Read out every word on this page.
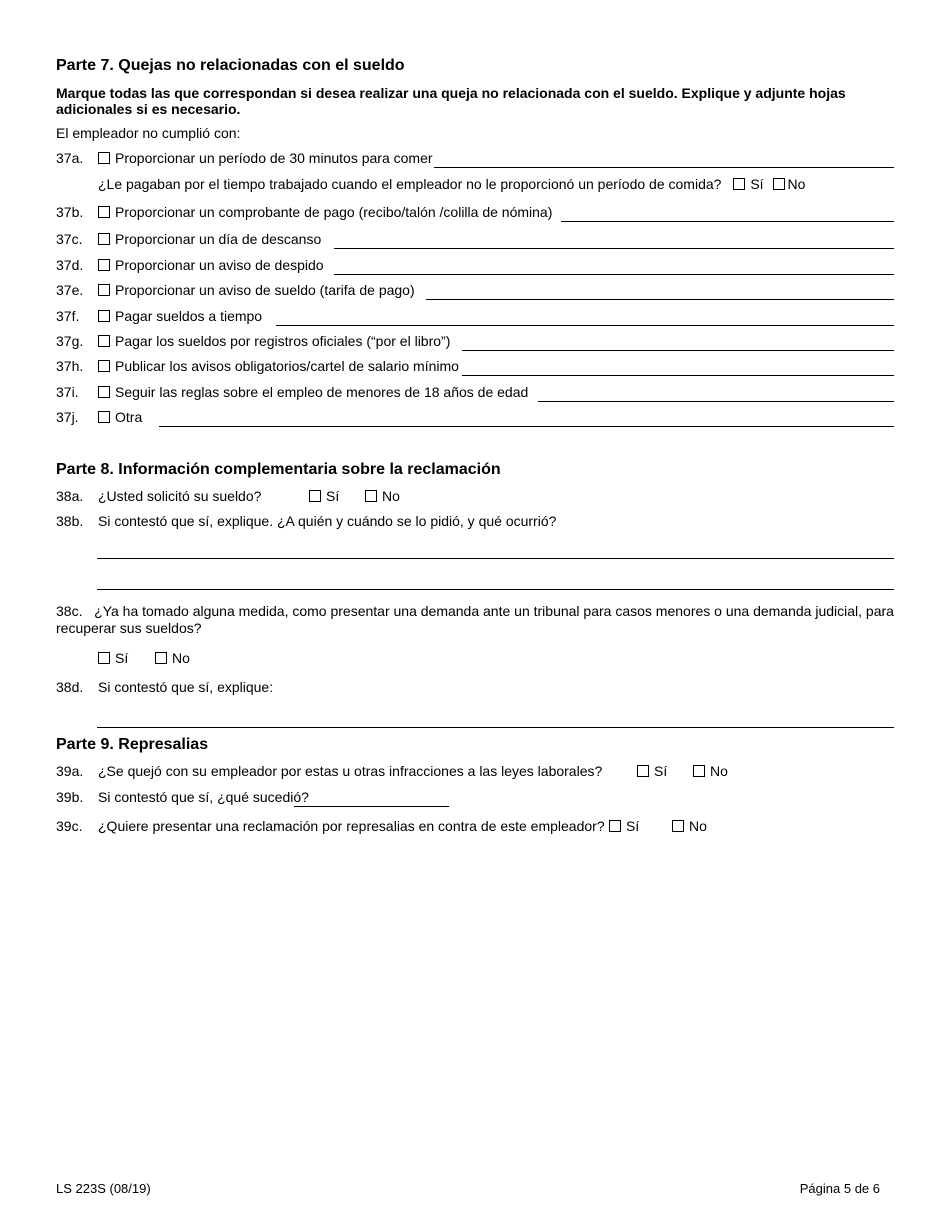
Parte 7. Quejas no relacionadas con el sueldo
Marque todas las que correspondan si desea realizar una queja no relacionada con el sueldo. Explique y adjunte hojas adicionales si es necesario.
El empleador no cumplió con:
37a.	Proporcionar un período de 30 minutos para comer
¿Le pagaban por el tiempo trabajado cuando el empleador no le proporcionó un período de comida? Sí No
37b.	Proporcionar un comprobante de pago (recibo/talón /colilla de nómina)
37c.	Proporcionar un día de descanso
37d.	Proporcionar un aviso de despido
37e.	Proporcionar un aviso de sueldo (tarifa de pago)
37f.	Pagar sueldos a tiempo
37g.	Pagar los sueldos por registros oficiales (“por el libro”)
37h.	Publicar los avisos obligatorios/cartel de salario mínimo
37i.	Seguir las reglas sobre el empleo de menores de 18 años de edad
37j.	Otra
Parte 8. Información complementaria sobre la reclamación
38a. ¿Usted solicitó su sueldo?	Sí	No
38b. Si contestó que sí, explique. ¿A quién y cuándo se lo pidió, y qué ocurrió?
38c. ¿Ya ha tomado alguna medida, como presentar una demanda ante un tribunal para casos menores o una demanda judicial, para recuperar sus sueldos?
Sí	No
38d. Si contestó que sí, explique:
Parte 9. Represalias
39a. ¿Se quejó con su empleador por estas u otras infracciones a las leyes laborales?	Sí	No
39b. Si contestó que sí, ¿qué sucedió?
39c. ¿Quiere presentar una reclamación por represalias en contra de este empleador?	Sí	No
LS 223S (08/19)	Página 5 de 6
